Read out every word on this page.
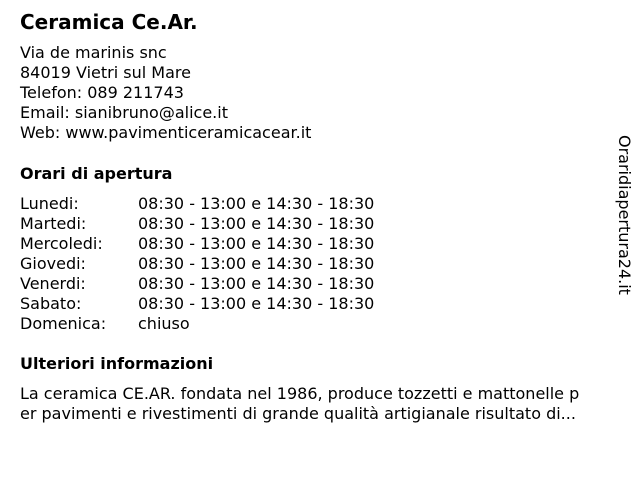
Ceramica Ce.Ar.
Via de marinis snc
84019 Vietri sul Mare
Telefon: 089 211743
Email: sianibruno@alice.it
Web: www.pavimenticeramicacear.it
Orari di apertura
Lunedi:	08:30 - 13:00 e 14:30 - 18:30
Martedi:	08:30 - 13:00 e 14:30 - 18:30
Mercoledi: 08:30 - 13:00 e 14:30 - 18:30
Giovedi:	08:30 - 13:00 e 14:30 - 18:30
Venerdi:	08:30 - 13:00 e 14:30 - 18:30
Sabato:	08:30 - 13:00 e 14:30 - 18:30
Domenica: chiuso
Ulteriori informazioni
La ceramica CE.AR. fondata nel 1986, produce tozzetti e mattonelle p
er pavimenti e rivestimenti di grande qualità artigianale risultato di...
Oraridiapertura24.it
